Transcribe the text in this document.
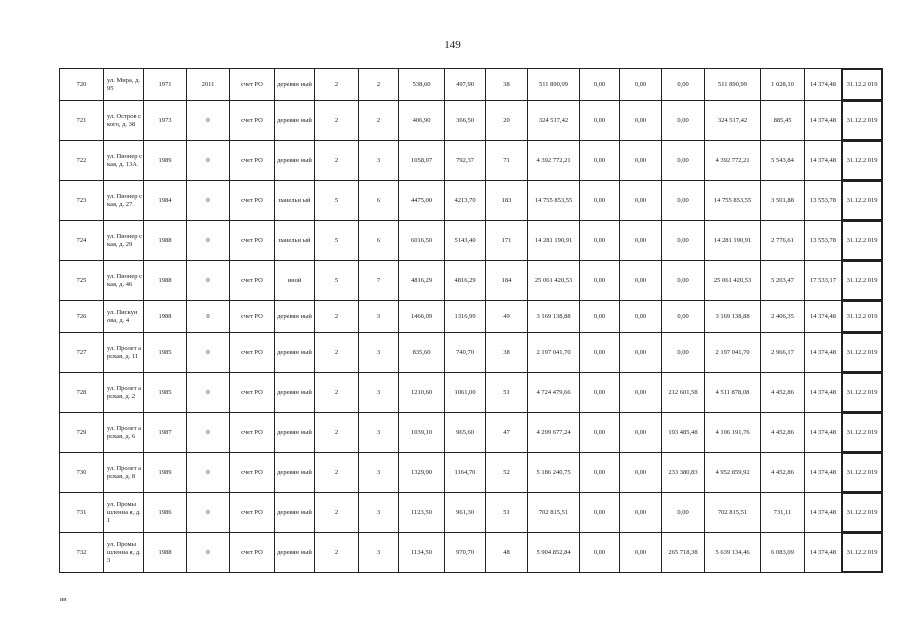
149
720	ул. Мира, д. 95	1971	2011	счет РО	деревян ный	2	2	538,60	497,90	38	511 890,99	0,00	0,00	0,00	511 890,99	1 028,10	14 374,48	31.12.2 019
721	ул. Остров ского, д. 38	1973	0	счет РО	деревян ный	2	2	406,90	366,50	20	324 517,42	0,00	0,00	0,00	324 517,42	885,45	14 374,48	31.12.2 019
722	ул. Пионер ская, д. 13А	1989	0	счет РО	деревян ный	2	3	1058,97	792,37	71	4 392 772,21	0,00	0,00	0,00	4 392 772,21	5 543,84	14 374,48	31.12.2 019
723	ул. Пионер ская, д. 27	1984	0	счет РО	панельн ый	5	6	4475,00	4213,70	183	14 755 853,55	0,00	0,00	0,00	14 755 853,55	3 501,88	13 553,78	31.12.2 019
724	ул. Пионер ская, д. 29	1988	0	счет РО	панельн ый	5	6	6016,50	5143,40	171	14 281 190,91	0,00	0,00	0,00	14 281 190,91	2 776,61	13 553,78	31.12.2 019
725	ул. Пионер ская, д. 46	1988	0	счет РО	иной	5	7	4816,29	4816,29	184	25 061 420,53	0,00	0,00	0,00	25 061 420,53	5 203,47	17 533,17	31.12.2 019
726	ул. Пискун ова, д. 4	1988	0	счет РО	деревян ный	2	3	1466,09	1316,99	49	3 169 138,88	0,00	0,00	0,00	3 169 138,88	2 406,35	14 374,48	31.12.2 019
727	ул. Пролет арская, д. 11	1985	0	счет РО	деревян ный	2	3	835,60	740,70	38	2 197 041,70	0,00	0,00	0,00	2 197 041,70	2 966,17	14 374,48	31.12.2 019
728	ул. Пролет арская, д. 2	1985	0	счет РО	деревян ный	2	3	1210,60	1061,00	51	4 724 479,66	0,00	0,00	212 601,58	4 511 878,08	4 452,86	14 374,48	31.12.2 019
729	ул. Пролет арская, д. 6	1987	0	счет РО	деревян ный	2	3	1039,10	965,60	47	4 299 677,24	0,00	0,00	193 485,48	4 106 191,76	4 452,86	14 374,48	31.12.2 019
730	ул. Пролет арская, д. 8	1989	0	счет РО	деревян ный	2	3	1329,90	1164,70	52	5 186 240,75	0,00	0,00	233 380,83	4 952 859,92	4 452,86	14 374,48	31.12.2 019
731	ул. Промы шленна я, д. 1	1986	0	счет РО	деревян ный	2	3	1123,50	961,30	51	702 815,51	0,00	0,00	0,00	702 815,51	731,11	14 374,48	31.12.2 019
732	ул. Промы шленна я, д. 3	1988	0	счет РО	деревян ный	2	3	1134,50	970,70	48	5 904 852,84	0,00	0,00	265 718,38	5 639 134,46	6 083,09	14 374,48	31.12.2 019
ии
